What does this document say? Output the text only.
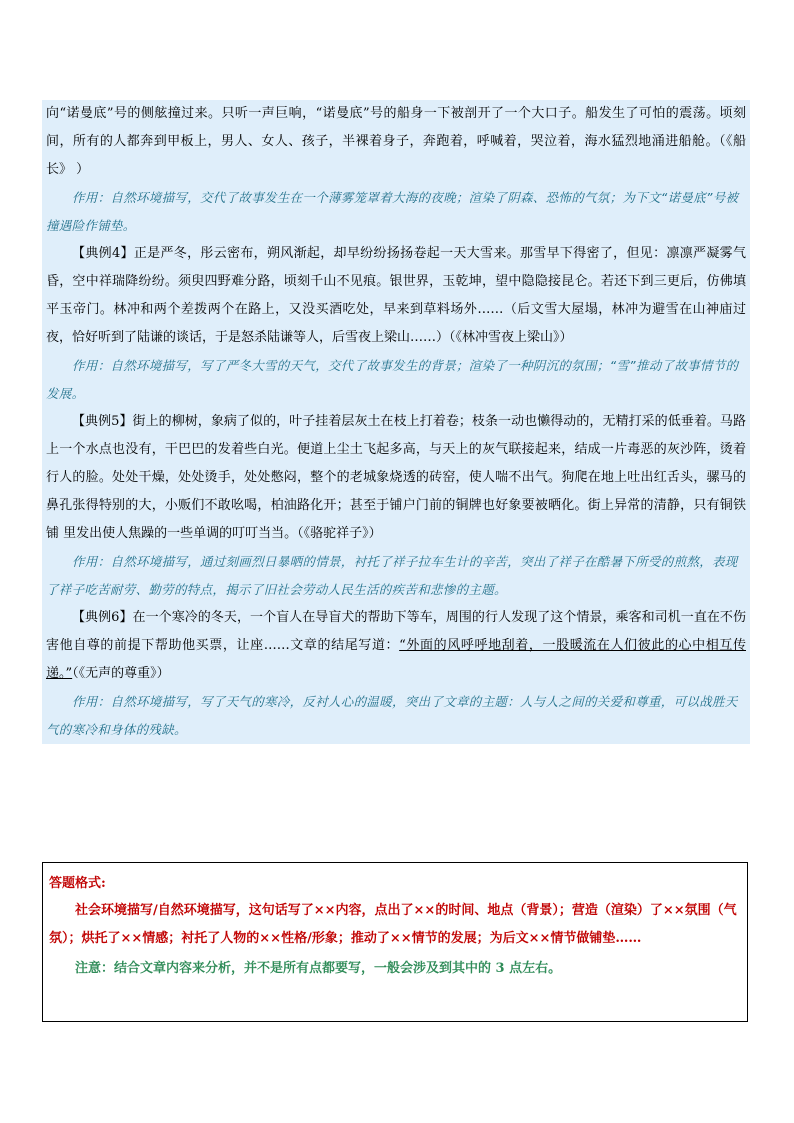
向“诺曼底”号的侧舷撞过来。只听一声巨响，“诺曼底”号的船身一下被剖开了一个大口子。船发生了可怕的震荡。顷刻间，所有的人都奔到甲板上，男人、女人、孩子，半裸着身子，奔跑着，呼喊着，哭泣着，海水猛烈地涌进船舱。（《船长》 ）

作用：自然环境描写，交代了故事发生在一个薄雾笼罩着大海的夜晚；渲染了阴森、恐怖的气氛；为下文“诺曼底”号被撞遇险作铺垫。

【典例4】正是严冬，彤云密布，朔风渐起，却早纷纷扬扬卷起一天大雪来。那雪早下得密了，但见：凛凛严凝雾气昏，空中祥瑞降纷纷。须臾四野难分路，顷刻千山不见痕。银世界，玉乾坤，望中隐隐接昆仑。若还下到三更后，仿佛填平玉帝门。林冲和两个差拨两个在路上，又没买酒吃处，早来到草料场外……（后文雪大屋塌，林冲为避雪在山神庙过夜，恰好听到了陆谦的谈话，于是怒杀陆谦等人，后雪夜上梁山……）（《林冲雪夜上梁山》）

作用：自然环境描写，写了严冬大雪的天气，交代了故事发生的背景；渲染了一种阴沉的氛围；“雪”推动了故事情节的发展。

【典例5】街上的柳树，象病了似的，叶子挂着层灰土在枝上打着卷；枝条一动也懒得动的，无精打采的低垂着。马路上一个水点也没有，干巴巴的发着些白光。便道上尘土飞起多高，与天上的灰气联接起来，结成一片毒恶的灰沙阵，烫着行人的脸。处处干燥，处处烫手，处处憋闷，整个的老城象烧透的砖窑，使人喘不出气。狗爬在地上吐出红舌头，骡马的鼻孔张得特别的大，小贩们不敢吆喝，柏油路化开；甚至于铺户门前的铜牌也好象要被晒化。街上异常的清静，只有铜铁铺 里发出使人焦躁的一些单调的叮叮当当。（《骆驼祥子》）

作用：自然环境描写，通过刻画烈日暴晒的情景，衬托了祥子拉车生计的辛苦，突出了祥子在酷暑下所受的煎熬，表现了祥子吃苦耐劳、勤劳的特点，揭示了旧社会劳动人民生活的疾苦和悲惨的主题。

【典例6】在一个寒冷的冬天，一个盲人在导盲犬的帮助下等车，周围的行人发现了这个情景，乘客和司机一直在不伤害他自尊的前提下帮助他买票，让座……文章的结尾写道：“外面的风呼呼地刮着，一股暖流在人们彼此的心中相互传递。”（《无声的尊重》）

作用：自然环境描写，写了天气的寒冷，反衬人心的温暖，突出了文章的主题：人与人之间的关爱和尊重，可以战胜天气的寒冷和身体的残缺。

答题格式:

社会环境描写/自然环境描写，这句话写了××内容，点出了××的时间、地点（背景）；营造（渲染）了××氛围（气氛）；烘托了××情感；衬托了人物的××性格/形象；推动了××情节的发展；为后文××情节做铺垫……

注意：结合文章内容来分析，并不是所有点都要写，一般会涉及到其中的 3 点左右。
